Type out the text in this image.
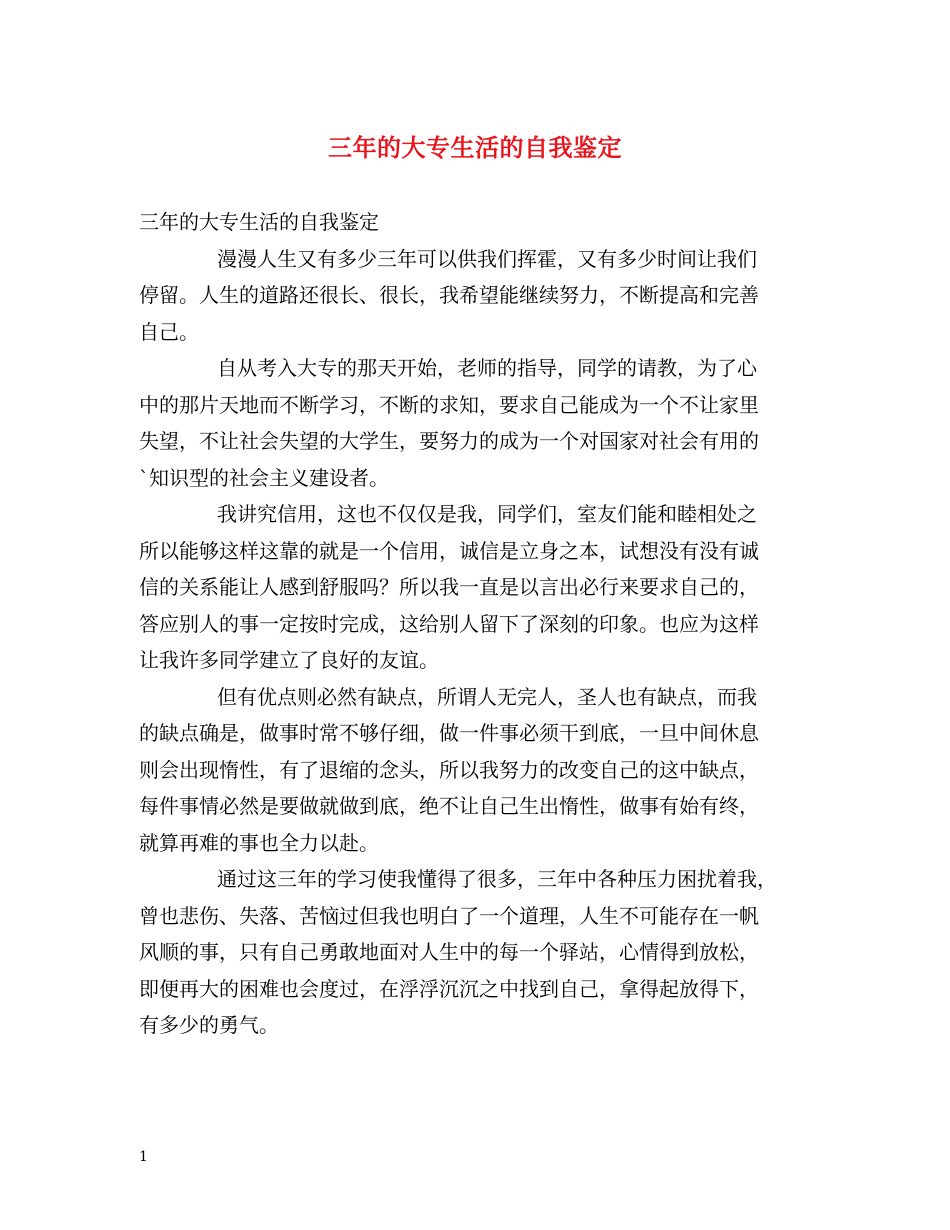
三年的大专生活的自我鉴定

三年的大专生活的自我鉴定

漫漫人生又有多少三年可以供我们挥霍，又有多少时间让我们
停留。人生的道路还很长、很长，我希望能继续努力，不断提高和完善
自己。

自从考入大专的那天开始，老师的指导，同学的请教，为了心
中的那片天地而不断学习，不断的求知，要求自己能成为一个不让家里
失望，不让社会失望的大学生，要努力的成为一个对国家对社会有用的
`知识型的社会主义建设者。

我讲究信用，这也不仅仅是我，同学们，室友们能和睦相处之
所以能够这样这靠的就是一个信用，诚信是立身之本，试想没有没有诚
信的关系能让人感到舒服吗？所以我一直是以言出必行来要求自己的，
答应别人的事一定按时完成，这给别人留下了深刻的印象。也应为这样
让我许多同学建立了良好的友谊。

但有优点则必然有缺点，所谓人无完人，圣人也有缺点，而我
的缺点确是，做事时常不够仔细，做一件事必须干到底，一旦中间休息
则会出现惰性，有了退缩的念头，所以我努力的改变自己的这中缺点，
每件事情必然是要做就做到底，绝不让自己生出惰性，做事有始有终，
就算再难的事也全力以赴。

通过这三年的学习使我懂得了很多，三年中各种压力困扰着我，
曾也悲伤、失落、苦恼过但我也明白了一个道理，人生不可能存在一帆
风顺的事，只有自己勇敢地面对人生中的每一个驿站，心情得到放松，
即便再大的困难也会度过，在浮浮沉沉之中找到自己，拿得起放得下，
有多少的勇气。

1
